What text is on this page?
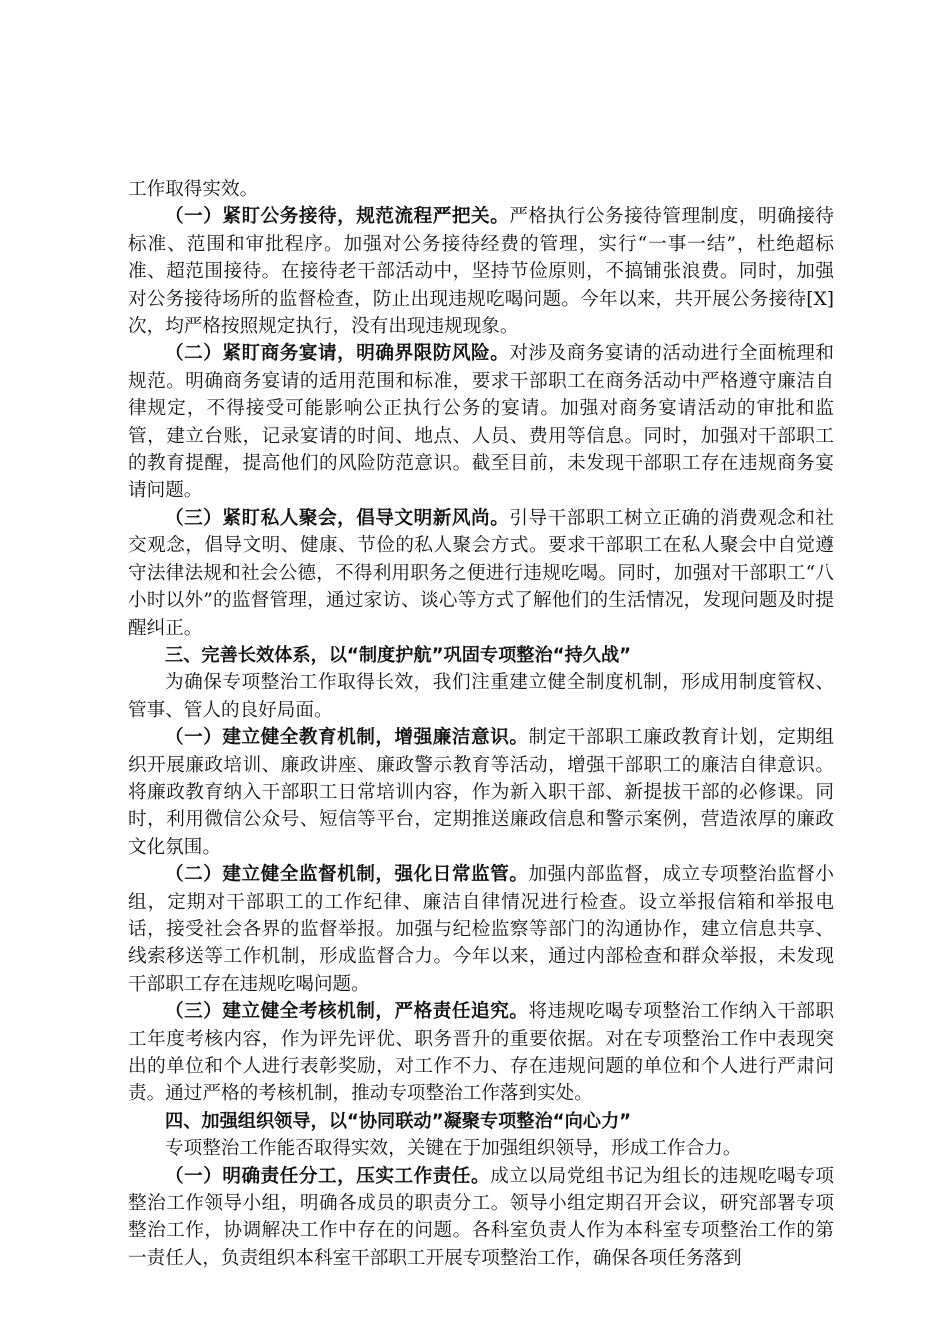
工作取得实效。

（一）紧盯公务接待，规范流程严把关。严格执行公务接待管理制度，明确接待标准、范围和审批程序。加强对公务接待经费的管理，实行“一事一结”，杜绝超标准、超范围接待。在接待老干部活动中，坚持节俭原则，不搞铺张浪费。同时，加强对公务接待场所的监督检查，防止出现违规吃喝问题。今年以来，共开展公务接待[X]次，均严格按照规定执行，没有出现违规现象。

（二）紧盯商务宴请，明确界限防风险。对涉及商务宴请的活动进行全面梳理和规范。明确商务宴请的适用范围和标准，要求干部职工在商务活动中严格遵守廉洁自律规定，不得接受可能影响公正执行公务的宴请。加强对商务宴请活动的审批和监管，建立台账，记录宴请的时间、地点、人员、费用等信息。同时，加强对干部职工的教育提醒，提高他们的风险防范意识。截至目前，未发现干部职工存在违规商务宴请问题。

（三）紧盯私人聚会，倡导文明新风尚。引导干部职工树立正确的消费观念和社交观念，倡导文明、健康、节俭的私人聚会方式。要求干部职工在私人聚会中自觉遵守法律法规和社会公德，不得利用职务之便进行违规吃喝。同时，加强对干部职工“八小时以外”的监督管理，通过家访、谈心等方式了解他们的生活情况，发现问题及时提醒纠正。

三、完善长效体系，以“制度护航”巩固专项整治“持久战”

为确保专项整治工作取得长效，我们注重建立健全制度机制，形成用制度管权、管事、管人的良好局面。

（一）建立健全教育机制，增强廉洁意识。制定干部职工廉政教育计划，定期组织开展廉政培训、廉政讲座、廉政警示教育等活动，增强干部职工的廉洁自律意识。将廉政教育纳入干部职工日常培训内容，作为新入职干部、新提拔干部的必修课。同时，利用微信公众号、短信等平台，定期推送廉政信息和警示案例，营造浓厚的廉政文化氛围。

（二）建立健全监督机制，强化日常监管。加强内部监督，成立专项整治监督小组，定期对干部职工的工作纪律、廉洁自律情况进行检查。设立举报信箱和举报电话，接受社会各界的监督举报。加强与纪检监察等部门的沟通协作，建立信息共享、线索移送等工作机制，形成监督合力。今年以来，通过内部检查和群众举报，未发现干部职工存在违规吃喝问题。

（三）建立健全考核机制，严格责任追究。将违规吃喝专项整治工作纳入干部职工年度考核内容，作为评先评优、职务晋升的重要依据。对在专项整治工作中表现突出的单位和个人进行表彰奖励，对工作不力、存在违规问题的单位和个人进行严肃问责。通过严格的考核机制，推动专项整治工作落到实处。

四、加强组织领导，以“协同联动”凝聚专项整治“向心力”

专项整治工作能否取得实效，关键在于加强组织领导，形成工作合力。

（一）明确责任分工，压实工作责任。成立以局党组书记为组长的违规吃喝专项整治工作领导小组，明确各成员的职责分工。领导小组定期召开会议，研究部署专项整治工作，协调解决工作中存在的问题。各科室负责人作为本科室专项整治工作的第一责任人，负责组织本科室干部职工开展专项整治工作，确保各项任务落到
